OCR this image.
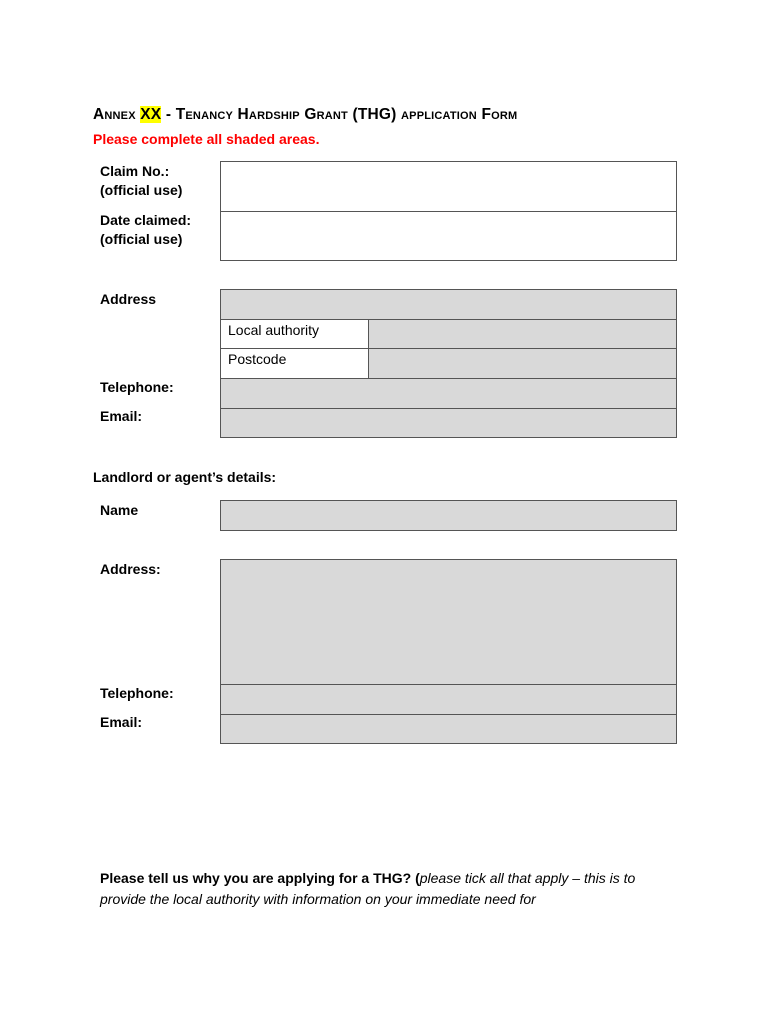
Annex XX - Tenancy Hardship Grant (THG) application Form
Please complete all shaded areas.
Claim No.:
(official use)
Date claimed:
(official use)
Address
Local authority
Postcode
Telephone:
Email:
Landlord or agent’s details:
Name
Address:
Telephone:
Email:
Please tell us why you are applying for a THG? (please tick all that apply – this is to provide the local authority with information on your immediate need for
